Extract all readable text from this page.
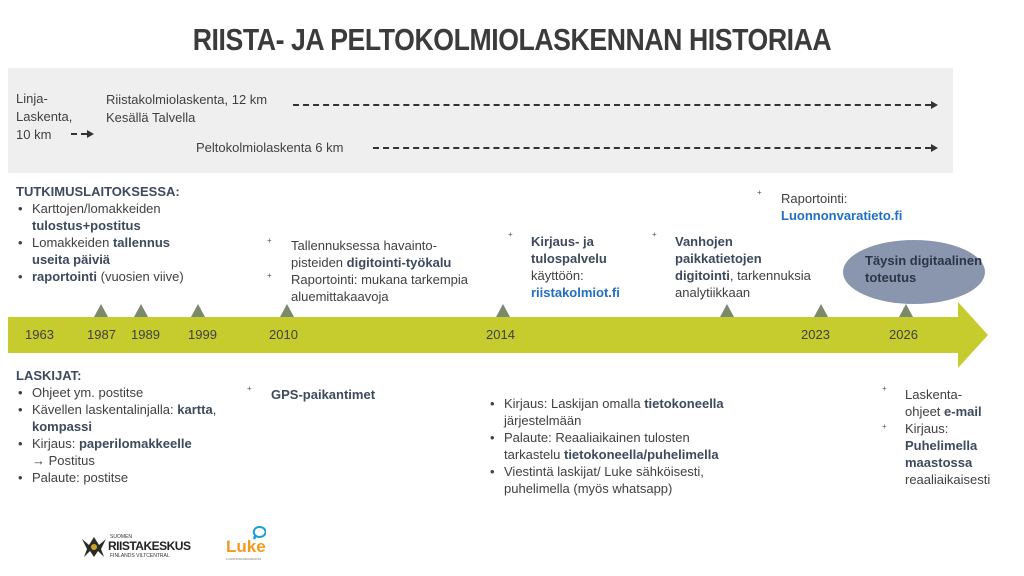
RIISTA- JA PELTOKOLMIOLASKENNAN HISTORIAA
Linja-
Laskenta,
10 km
Riistakolmiolaskenta, 12 km
Kesällä Talvella
Peltokolmiolaskenta 6 km
TUTKIMUSLAITOKSESSA:
• Karttojen/lomakkeiden
tulostus+postitus
• Lomakkeiden tallennus
useita päiviä
• raportointi (vuosien viive)
+
+
Tallennuksessa havainto-
pisteiden digitointi-työkalu
Raportointi: mukana tarkempia
aluemittakaavoja
+ Kirjaus- ja
tulospalvelu
käyttöön:
riistakolmiot.fi
+ Vanhojen
paikkatietojen
digitointi, tarkennuksia
analytiikkaan
+ Raportointi:
Luonnonvaratieto.fi
Täysin digitaalinen
toteutus
1963	1987 1989 1999	2010	2014	2023	2026
LASKIJAT:
• Ohjeet ym. postitse
• Kävellen laskentalinjalla: kartta,
kompassi
• Kirjaus: paperilomakkeelle
→ Postitus
• Palaute: postitse
+ GPS-paikantimet
• Kirjaus: Laskijan omalla tietokoneella
järjestelmään
• Palaute: Reaaliaikainen tulosten
tarkastelu tietokoneella/puhelimella
• Viestintä laskijat/ Luke sähköisesti,
puhelimella (myös whatsapp)
+
+
Laskenta-
ohjeet e-mail
Kirjaus:
Puhelimella
maastossa
reaaliaikaisesti
SUOMEN
RIISTAKESKUS
FINLANDS VILTCENTRAL	Luke
LUONNONVARAKESKUS
